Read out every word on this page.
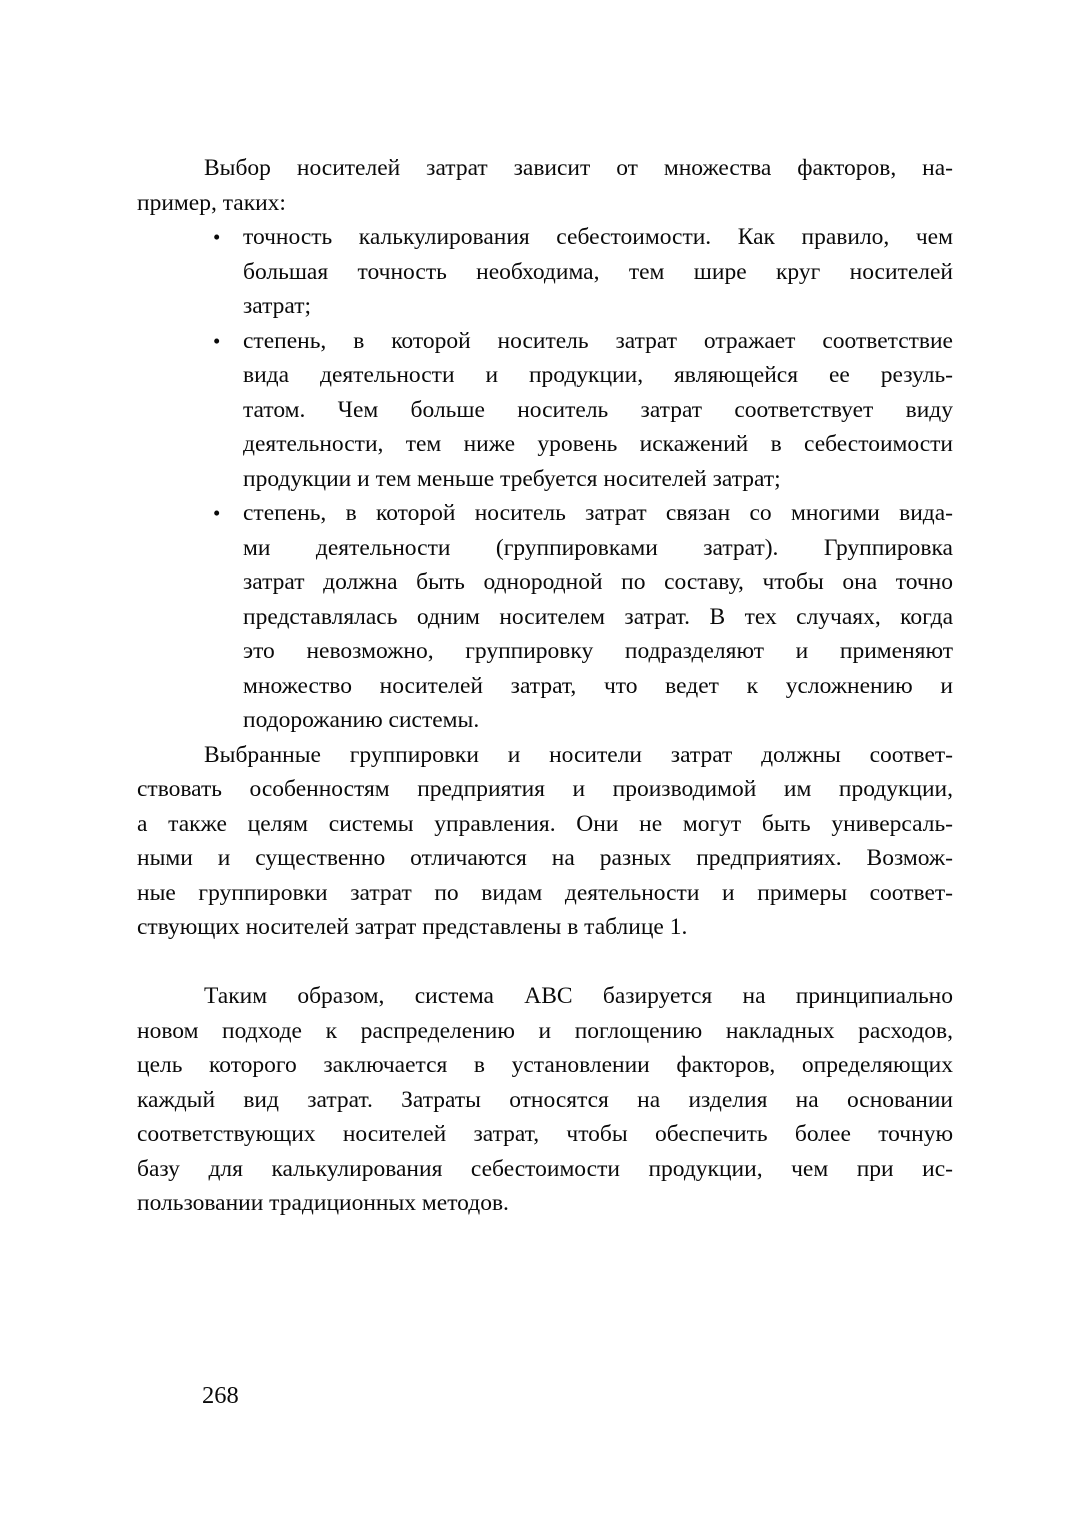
Выбор носителей затрат зависит от множества факторов, на-
пример, таких:
• точность калькулирования себестоимости. Как правило, чем
большая точность необходима, тем шире круг носителей
затрат;
• степень, в которой носитель затрат отражает соответствие
вида деятельности и продукции, являющейся ее резуль-
татом. Чем больше носитель затрат соответствует виду
деятельности, тем ниже уровень искажений в себестоимости
продукции и тем меньше требуется носителей затрат;
• степень, в которой носитель затрат связан со многими вида-
ми деятельности (группировками затрат). Группировка
затрат должна быть однородной по составу, чтобы она точно
представлялась одним носителем затрат. В тех случаях, когда
это невозможно, группировку подразделяют и применяют
множество носителей затрат, что ведет к усложнению и
подорожанию системы.
Выбранные группировки и носители затрат должны соответ-
ствовать особенностям предприятия и производимой им продукции,
а также целям системы управления. Они не могут быть универсаль-
ными и существенно отличаются на разных предприятиях. Возмож-
ные группировки затрат по видам деятельности и примеры соответ-
ствующих носителей затрат представлены в таблице 1.
Таким образом, система ABC базируется на принципиально
новом подходе к распределению и поглощению накладных расходов,
цель которого заключается в установлении факторов, определяющих
каждый вид затрат. Затраты относятся на изделия на основании
соответствующих носителей затрат, чтобы обеспечить более точную
базу для калькулирования себестоимости продукции, чем при ис-
пользовании традиционных методов.
268
